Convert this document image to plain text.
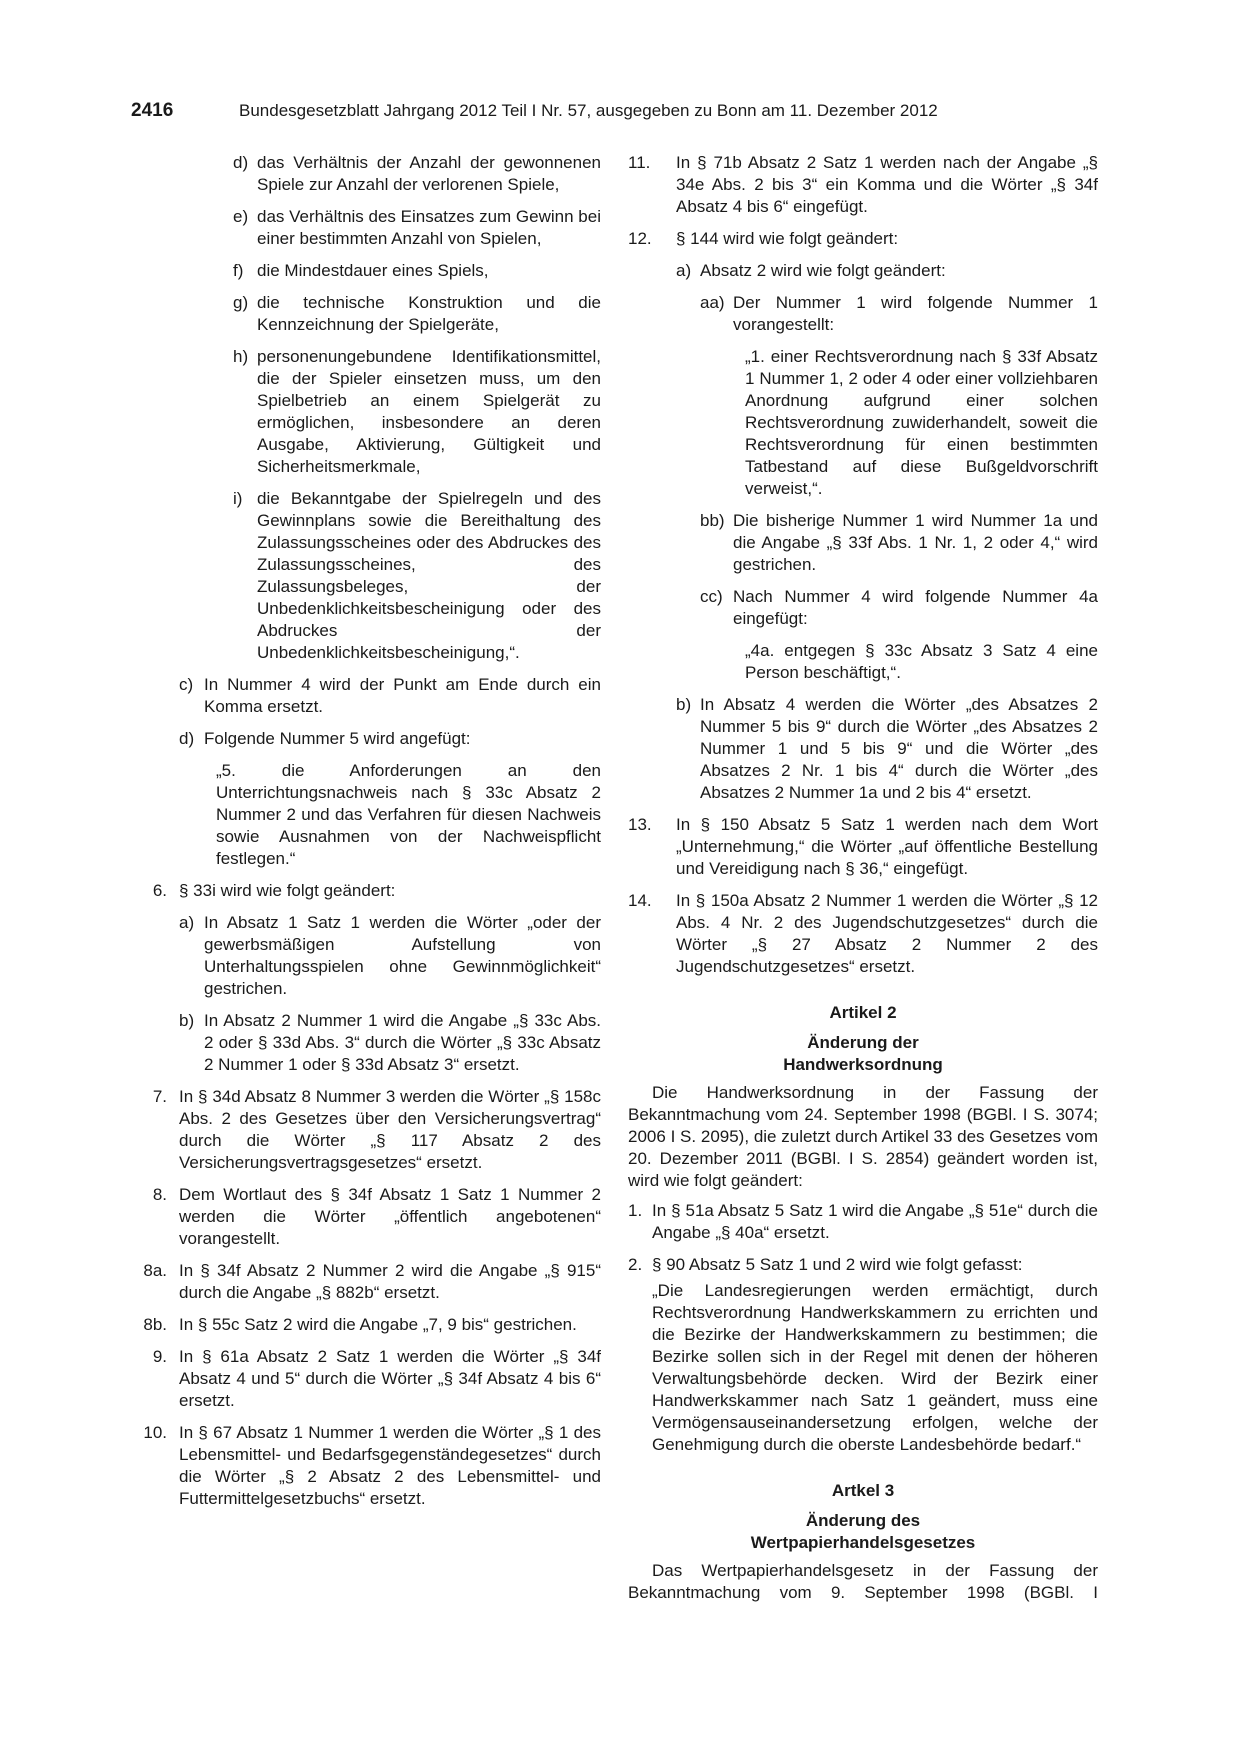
2416	Bundesgesetzblatt Jahrgang 2012 Teil I Nr. 57, ausgegeben zu Bonn am 11. Dezember 2012
d) das Verhältnis der Anzahl der gewonnenen Spiele zur Anzahl der verlorenen Spiele,
e) das Verhältnis des Einsatzes zum Gewinn bei einer bestimmten Anzahl von Spielen,
f) die Mindestdauer eines Spiels,
g) die technische Konstruktion und die Kennzeichnung der Spielgeräte,
h) personenungebundene Identifikationsmittel, die der Spieler einsetzen muss, um den Spielbetrieb an einem Spielgerät zu ermöglichen, insbesondere an deren Ausgabe, Aktivierung, Gültigkeit und Sicherheitsmerkmale,
i) die Bekanntgabe der Spielregeln und des Gewinnplans sowie die Bereithaltung des Zulassungsscheines oder des Abdruckes des Zulassungsscheines, des Zulassungsbeleges, der Unbedenklichkeitsbescheinigung oder des Abdruckes der Unbedenklichkeitsbescheinigung,“.
c) In Nummer 4 wird der Punkt am Ende durch ein Komma ersetzt.
d) Folgende Nummer 5 wird angefügt:
„5. die Anforderungen an den Unterrichtungsnachweis nach § 33c Absatz 2 Nummer 2 und das Verfahren für diesen Nachweis sowie Ausnahmen von der Nachweispflicht festlegen.“
6. § 33i wird wie folgt geändert:
a) In Absatz 1 Satz 1 werden die Wörter „oder der gewerbsmäßigen Aufstellung von Unterhaltungsspielen ohne Gewinnmöglichkeit“ gestrichen.
b) In Absatz 2 Nummer 1 wird die Angabe „§ 33c Abs. 2 oder § 33d Abs. 3“ durch die Wörter „§ 33c Absatz 2 Nummer 1 oder § 33d Absatz 3“ ersetzt.
7. In § 34d Absatz 8 Nummer 3 werden die Wörter „§ 158c Abs. 2 des Gesetzes über den Versicherungsvertrag“ durch die Wörter „§ 117 Absatz 2 des Versicherungsvertragsgesetzes“ ersetzt.
8. Dem Wortlaut des § 34f Absatz 1 Satz 1 Nummer 2 werden die Wörter „öffentlich angebotenen“ vorangestellt.
8a. In § 34f Absatz 2 Nummer 2 wird die Angabe „§ 915“ durch die Angabe „§ 882b“ ersetzt.
8b. In § 55c Satz 2 wird die Angabe „7, 9 bis“ gestrichen.
9. In § 61a Absatz 2 Satz 1 werden die Wörter „§ 34f Absatz 4 und 5“ durch die Wörter „§ 34f Absatz 4 bis 6“ ersetzt.
10. In § 67 Absatz 1 Nummer 1 werden die Wörter „§ 1 des Lebensmittel- und Bedarfsgegenständegesetzes“ durch die Wörter „§ 2 Absatz 2 des Lebensmittel- und Futtermittelgesetzbuchs“ ersetzt.
11.	In § 71b Absatz 2 Satz 1 werden nach der Angabe „§ 34e Abs. 2 bis 3“ ein Komma und die Wörter „§ 34f Absatz 4 bis 6“ eingefügt.
12.	§ 144 wird wie folgt geändert:
a) Absatz 2 wird wie folgt geändert:
aa) Der Nummer 1 wird folgende Nummer 1 vorangestellt:
„1. einer Rechtsverordnung nach § 33f Absatz 1 Nummer 1, 2 oder 4 oder einer vollziehbaren Anordnung aufgrund einer solchen Rechtsverordnung zuwiderhandelt, soweit die Rechtsverordnung für einen bestimmten Tatbestand auf diese Bußgeldvorschrift verweist,“.
bb) Die bisherige Nummer 1 wird Nummer 1a und die Angabe „§ 33f Abs. 1 Nr. 1, 2 oder 4,“ wird gestrichen.
cc) Nach Nummer 4 wird folgende Nummer 4a eingefügt:
„4a. entgegen § 33c Absatz 3 Satz 4 eine Person beschäftigt,“.
b) In Absatz 4 werden die Wörter „des Absatzes 2 Nummer 5 bis 9“ durch die Wörter „des Absatzes 2 Nummer 1 und 5 bis 9“ und die Wörter „des Absatzes 2 Nr. 1 bis 4“ durch die Wörter „des Absatzes 2 Nummer 1a und 2 bis 4“ ersetzt.
13.	In § 150 Absatz 5 Satz 1 werden nach dem Wort „Unternehmung,“ die Wörter „auf öffentliche Bestellung und Vereidigung nach § 36,“ eingefügt.
14.	In § 150a Absatz 2 Nummer 1 werden die Wörter „§ 12 Abs. 4 Nr. 2 des Jugendschutzgesetzes“ durch die Wörter „§ 27 Absatz 2 Nummer 2 des Jugendschutzgesetzes“ ersetzt.

Artikel 2

Änderung der

Handwerksordnung

Die Handwerksordnung in der Fassung der Bekanntmachung vom 24. September 1998 (BGBl. I S. 3074; 2006 I S. 2095), die zuletzt durch Artikel 33 des Gesetzes vom 20. Dezember 2011 (BGBl. I S. 2854) geändert worden ist, wird wie folgt geändert:

1. In § 51a Absatz 5 Satz 1 wird die Angabe „§ 51e“ durch die Angabe „§ 40a“ ersetzt.
2. § 90 Absatz 5 Satz 1 und 2 wird wie folgt gefasst:
„Die Landesregierungen werden ermächtigt, durch Rechtsverordnung Handwerkskammern zu errichten und die Bezirke der Handwerkskammern zu bestimmen; die Bezirke sollen sich in der Regel mit denen der höheren Verwaltungsbehörde decken. Wird der Bezirk einer Handwerkskammer nach Satz 1 geändert, muss eine Vermögensauseinandersetzung erfolgen, welche der Genehmigung durch die oberste Landesbehörde bedarf.“

Artkel 3

Änderung des

Wertpapierhandelsgesetzes

Das Wertpapierhandelsgesetz in der Fassung der Bekanntmachung vom 9. September 1998 (BGBl. I
